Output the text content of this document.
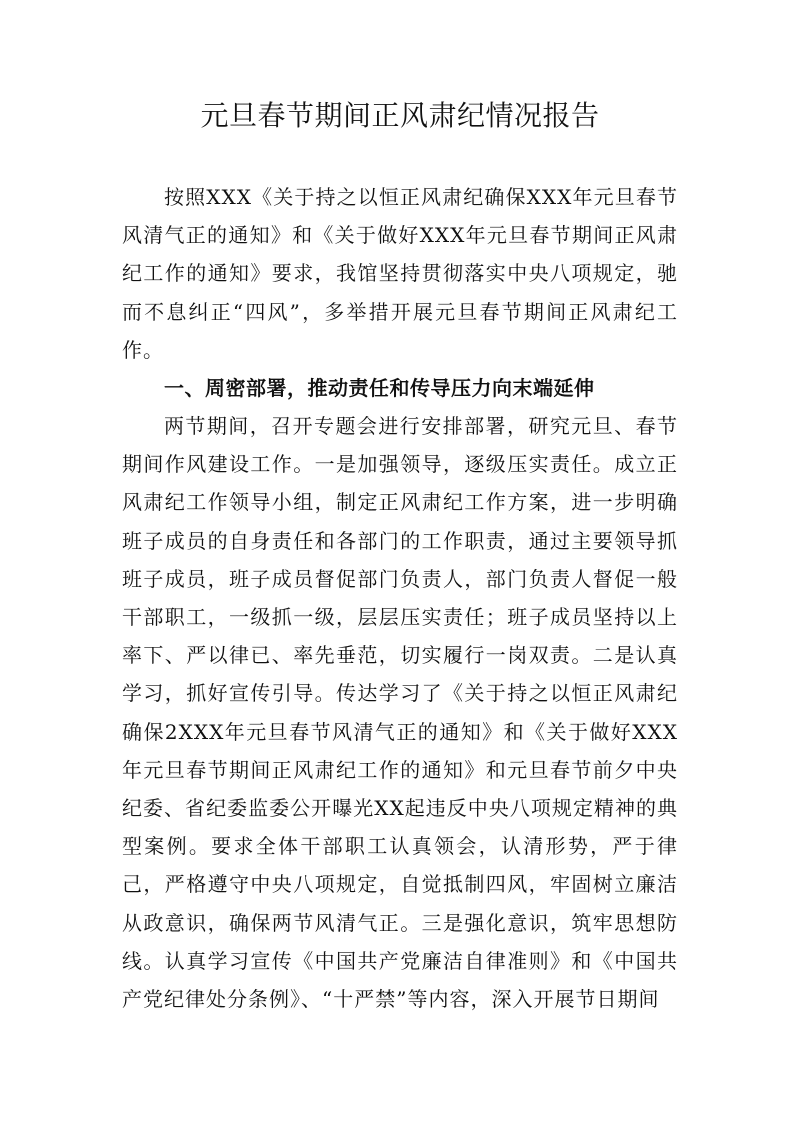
元旦春节期间正风肃纪情况报告

按照XXX《关于持之以恒正风肃纪确保XXX年元旦春节风清气正的通知》和《关于做好XXX年元旦春节期间正风肃纪工作的通知》要求，我馆坚持贯彻落实中央八项规定，驰而不息纠正“四风”，多举措开展元旦春节期间正风肃纪工作。

一、周密部署，推动责任和传导压力向末端延伸

两节期间，召开专题会进行安排部署，研究元旦、春节期间作风建设工作。一是加强领导，逐级压实责任。成立正风肃纪工作领导小组，制定正风肃纪工作方案，进一步明确班子成员的自身责任和各部门的工作职责，通过主要领导抓班子成员，班子成员督促部门负责人，部门负责人督促一般干部职工，一级抓一级，层层压实责任；班子成员坚持以上率下、严以律已、率先垂范，切实履行一岗双责。二是认真学习，抓好宣传引导。传达学习了《关于持之以恒正风肃纪确保2XXX年元旦春节风清气正的通知》和《关于做好XXX年元旦春节期间正风肃纪工作的通知》和元旦春节前夕中央纪委、省纪委监委公开曝光XX起违反中央八项规定精神的典型案例。要求全体干部职工认真领会，认清形势，严于律己，严格遵守中央八项规定，自觉抵制四风，牢固树立廉洁从政意识，确保两节风清气正。三是强化意识，筑牢思想防线。认真学习宣传《中国共产党廉洁自律准则》和《中国共产党纪律处分条例》、“十严禁”等内容，深入开展节日期间
